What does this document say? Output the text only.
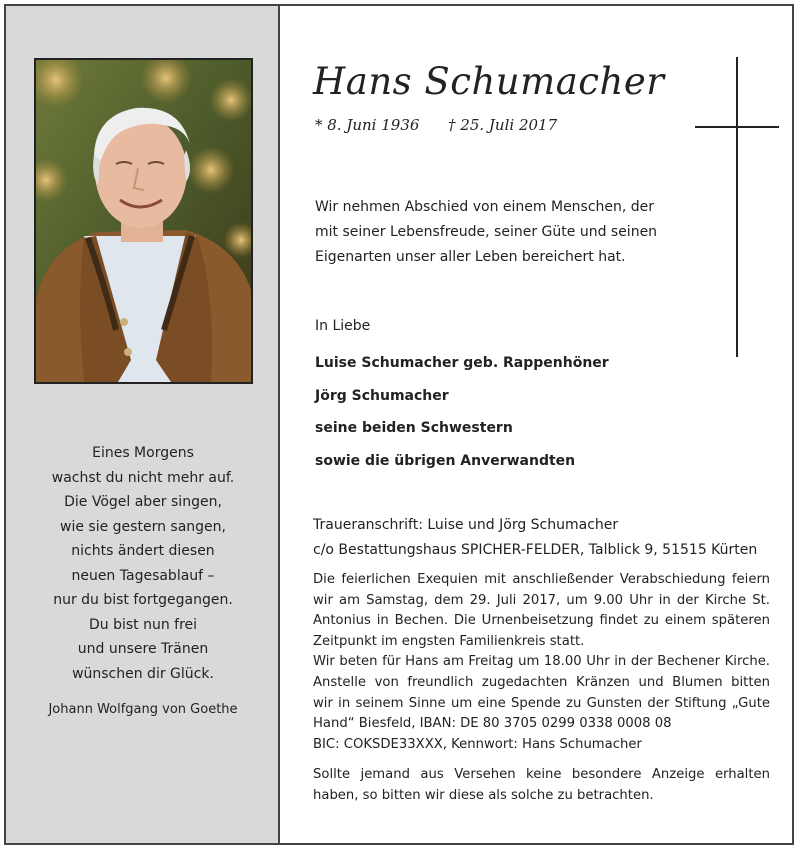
Hans Schumacher
* 8. Juni 1936 † 25. Juli 2017
Wir nehmen Abschied von einem Menschen, der
mit seiner Lebensfreude, seiner Güte und seinen
Eigenarten unser aller Leben bereichert hat.
In Liebe
Luise Schumacher geb. Rappenhöner
Jörg Schumacher
seine beiden Schwestern
sowie die übrigen Anverwandten
Traueranschrift: Luise und Jörg Schumacher
c/o Bestattungshaus SPICHER-FELDER, Talblick 9, 51515 Kürten
Die feierlichen Exequien mit anschließender Verabschiedung feiern
wir am Samstag, dem 29. Juli 2017, um 9.00 Uhr in der Kirche St.
Antonius in Bechen. Die Urnenbeisetzung findet zu einem späteren
Zeitpunkt im engsten Familienkreis statt.
Wir beten für Hans am Freitag um 18.00 Uhr in der Bechener Kirche.
Anstelle von freundlich zugedachten Kränzen und Blumen bitten
wir in seinem Sinne um eine Spende zu Gunsten der Stiftung „Gute
Hand“ Biesfeld, IBAN: DE 80 3705 0299 0338 0008 08
BIC: COKSDE33XXX, Kennwort: Hans Schumacher
Sollte jemand aus Versehen keine besondere Anzeige erhalten
haben, so bitten wir diese als solche zu betrachten.
Eines Morgens
wachst du nicht mehr auf.
Die Vögel aber singen,
wie sie gestern sangen,
nichts ändert diesen
neuen Tagesablauf –
nur du bist fortgegangen.
Du bist nun frei
und unsere Tränen
wünschen dir Glück.
Johann Wolfgang von Goethe
